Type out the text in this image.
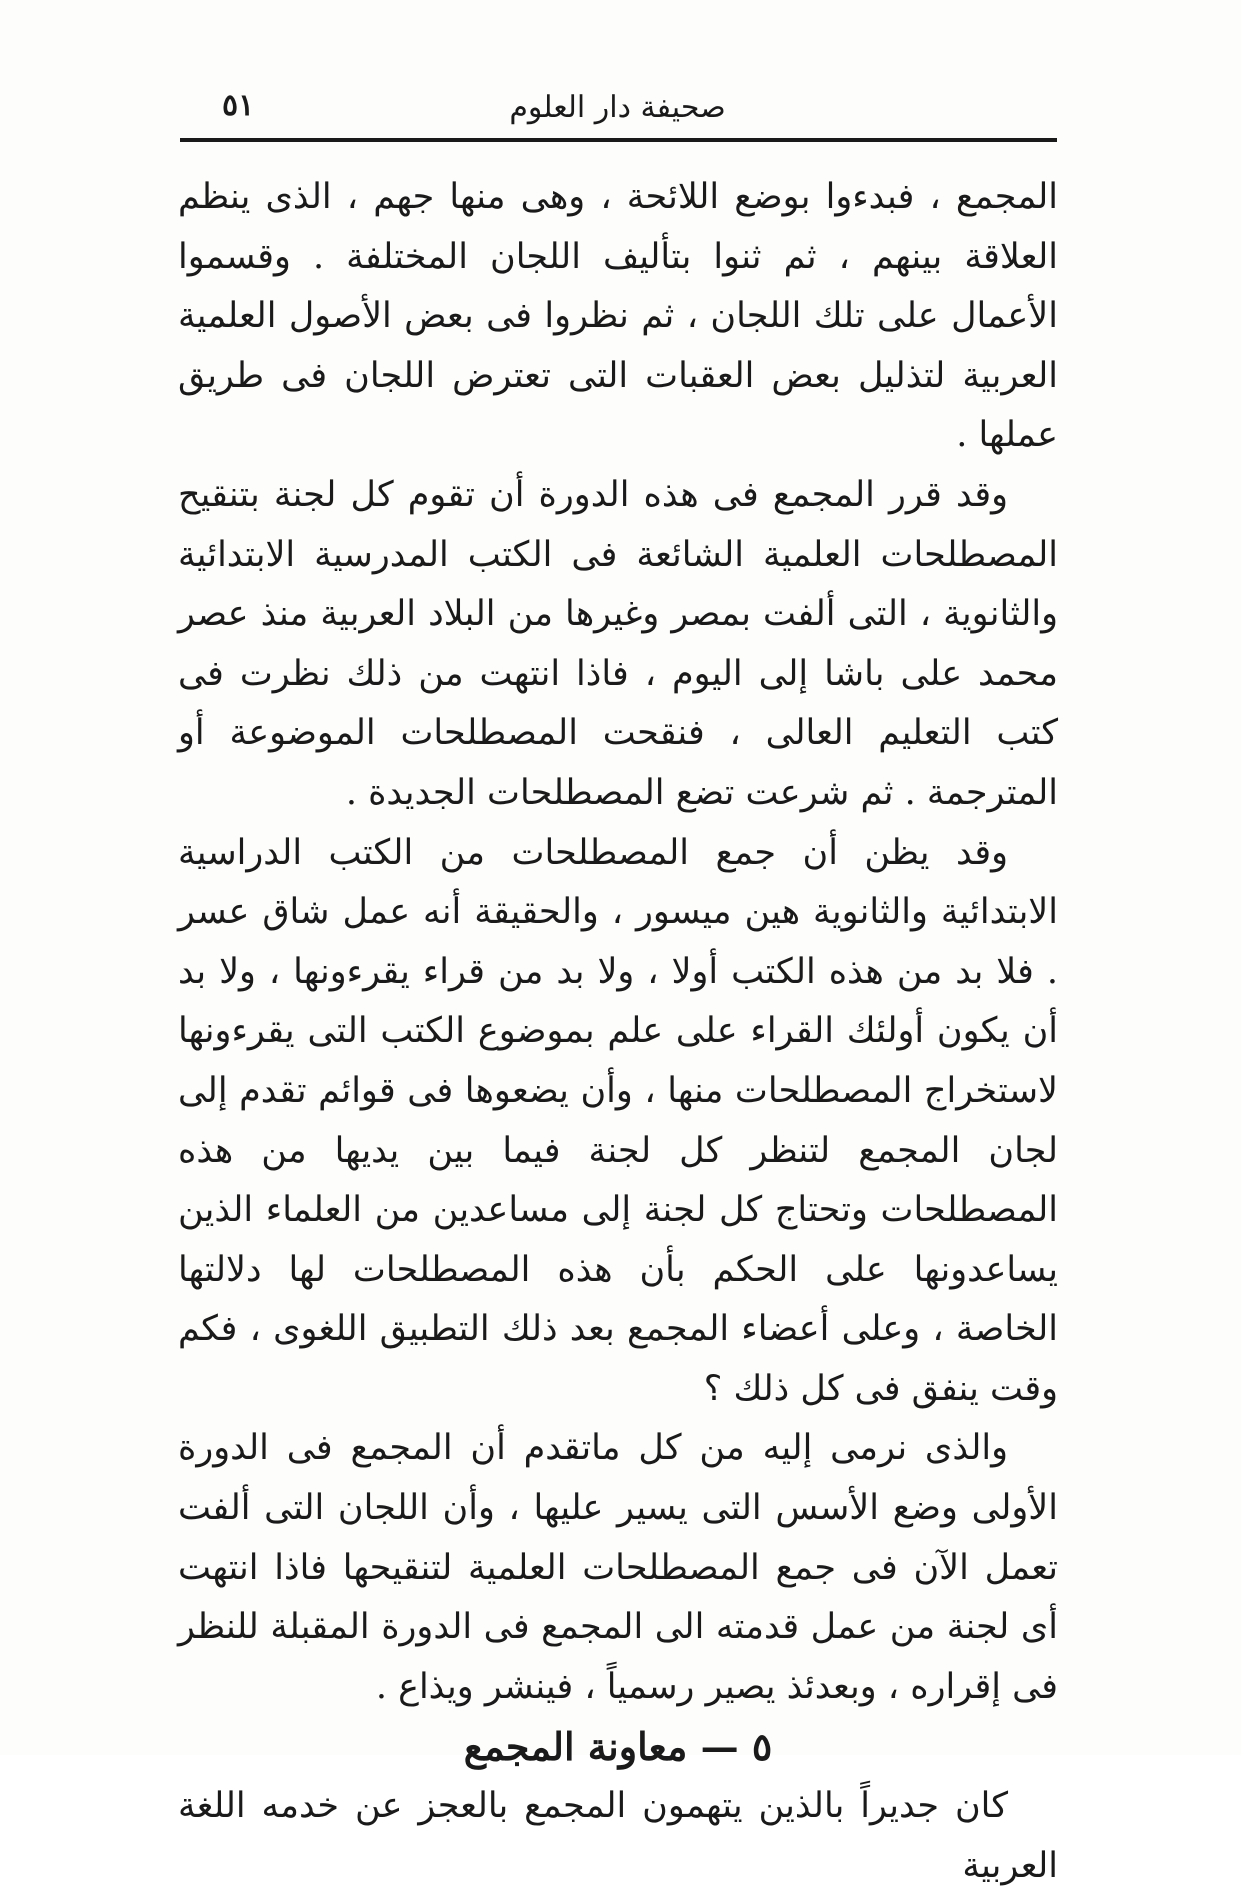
٥١	صحيفة دار العلوم

المجمع ، فبدءوا بوضع اللائحة ، وهى منها جهم ، الذى ينظم العلاقة بينهم ، ثم ثنوا بتأليف اللجان المختلفة . وقسموا الأعمال على تلك اللجان ، ثم نظروا فى بعض الأصول العلمية العربية لتذليل بعض العقبات التى تعترض اللجان فى طريق عملها .

وقد قرر المجمع فى هذه الدورة أن تقوم كل لجنة بتنقيح المصطلحات العلمية الشائعة فى الكتب المدرسية الابتدائية والثانوية ، التى ألفت بمصر وغيرها من البلاد العربية منذ عصر محمد على باشا إلى اليوم ، فاذا انتهت من ذلك نظرت فى كتب التعليم العالى ، فنقحت المصطلحات الموضوعة أو المترجمة . ثم شرعت تضع المصطلحات الجديدة .

وقد يظن أن جمع المصطلحات من الكتب الدراسية الابتدائية والثانوية هين ميسور ، والحقيقة أنه عمل شاق عسر . فلا بد من هذه الكتب أولا ، ولا بد من قراء يقرءونها ، ولا بد أن يكون أولئك القراء على علم بموضوع الكتب التى يقرءونها لاستخراج المصطلحات منها ، وأن يضعوها فى قوائم تقدم إلى لجان المجمع لتنظر كل لجنة فيما بين يديها من هذه المصطلحات وتحتاج كل لجنة إلى مساعدين من العلماء الذين يساعدونها على الحكم بأن هذه المصطلحات لها دلالتها الخاصة ، وعلى أعضاء المجمع بعد ذلك التطبيق اللغوى ، فكم وقت ينفق فى كل ذلك ؟

والذى نرمى إليه من كل ماتقدم أن المجمع فى الدورة الأولى وضع الأسس التى يسير عليها ، وأن اللجان التى ألفت تعمل الآن فى جمع المصطلحات العلمية لتنقيحها فاذا انتهت أى لجنة من عمل قدمته الى المجمع فى الدورة المقبلة للنظر فى إقراره ، وبعدئذ يصير رسمياً ، فينشر ويذاع .

٥ — معاونة المجمع

كان جديراً بالذين يتهمون المجمع بالعجز عن خدمه اللغة العربية
